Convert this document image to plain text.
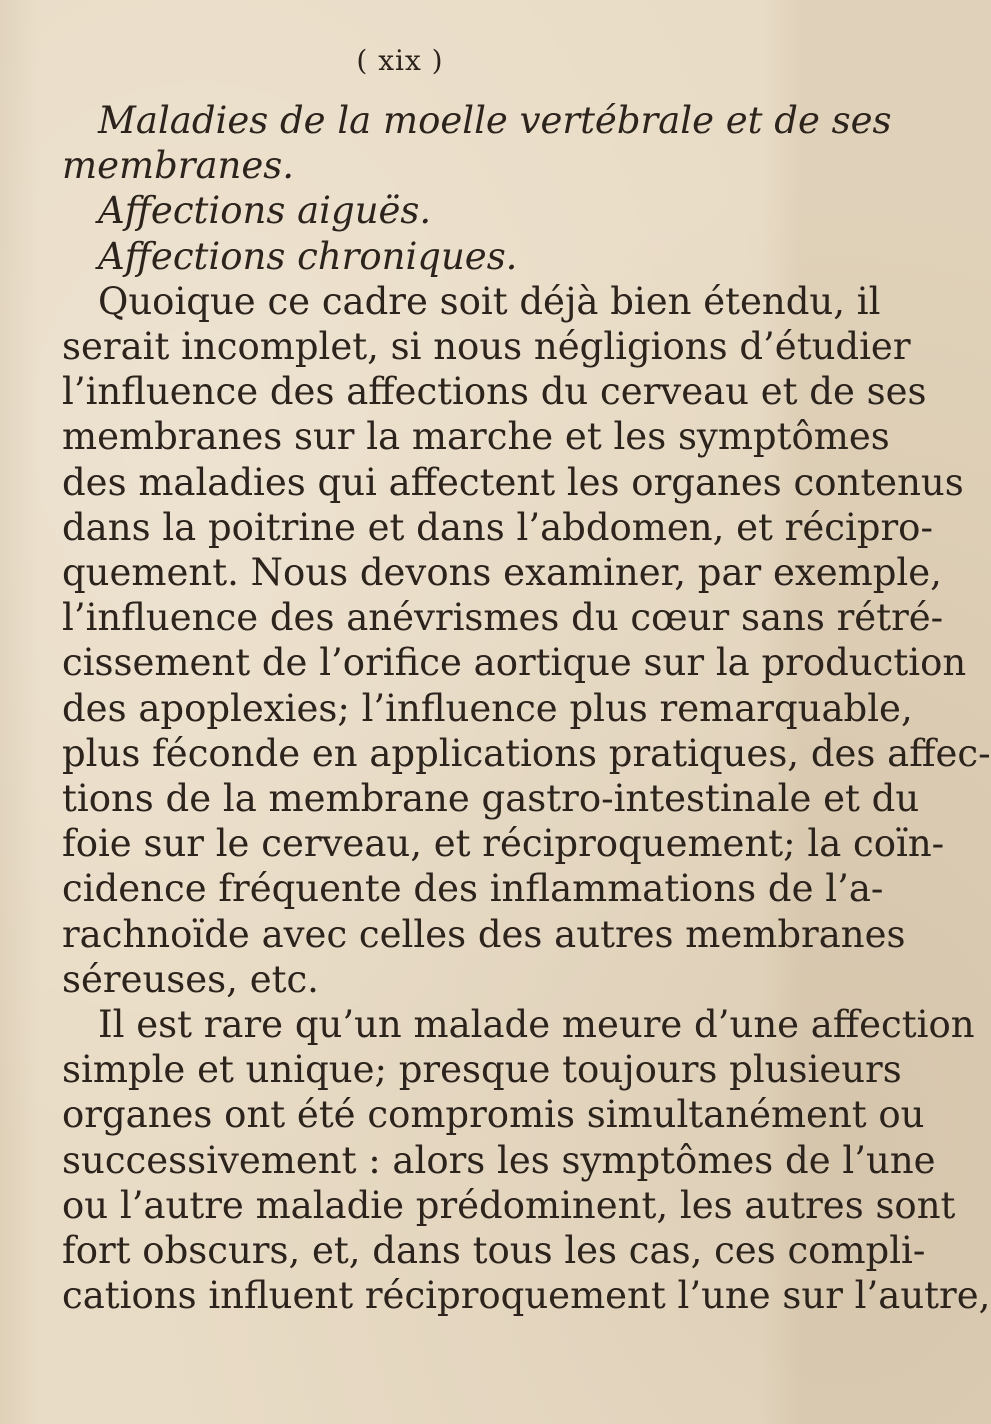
( xix )
Maladies de la moelle vertébrale et de ses
membranes.
Affections aiguës.
Affections chroniques.
Quoique ce cadre soit déjà bien étendu, il
serait incomplet, si nous négligions d’étudier
l’influence des affections du cerveau et de ses
membranes sur la marche et les symptômes
des maladies qui affectent les organes contenus
dans la poitrine et dans l’abdomen, et récipro-
quement. Nous devons examiner, par exemple,
l’influence des anévrismes du cœur sans rétré-
cissement de l’orifice aortique sur la production
des apoplexies; l’influence plus remarquable,
plus féconde en applications pratiques, des affec-
tions de la membrane gastro-intestinale et du
foie sur le cerveau, et réciproquement; la coïn-
cidence fréquente des inflammations de l’a-
rachnoïde avec celles des autres membranes
séreuses, etc.
Il est rare qu’un malade meure d’une affection
simple et unique; presque toujours plusieurs
organes ont été compromis simultanément ou
successivement : alors les symptômes de l’une
ou l’autre maladie prédominent, les autres sont
fort obscurs, et, dans tous les cas, ces compli-
cations influent réciproquement l’une sur l’autre,
